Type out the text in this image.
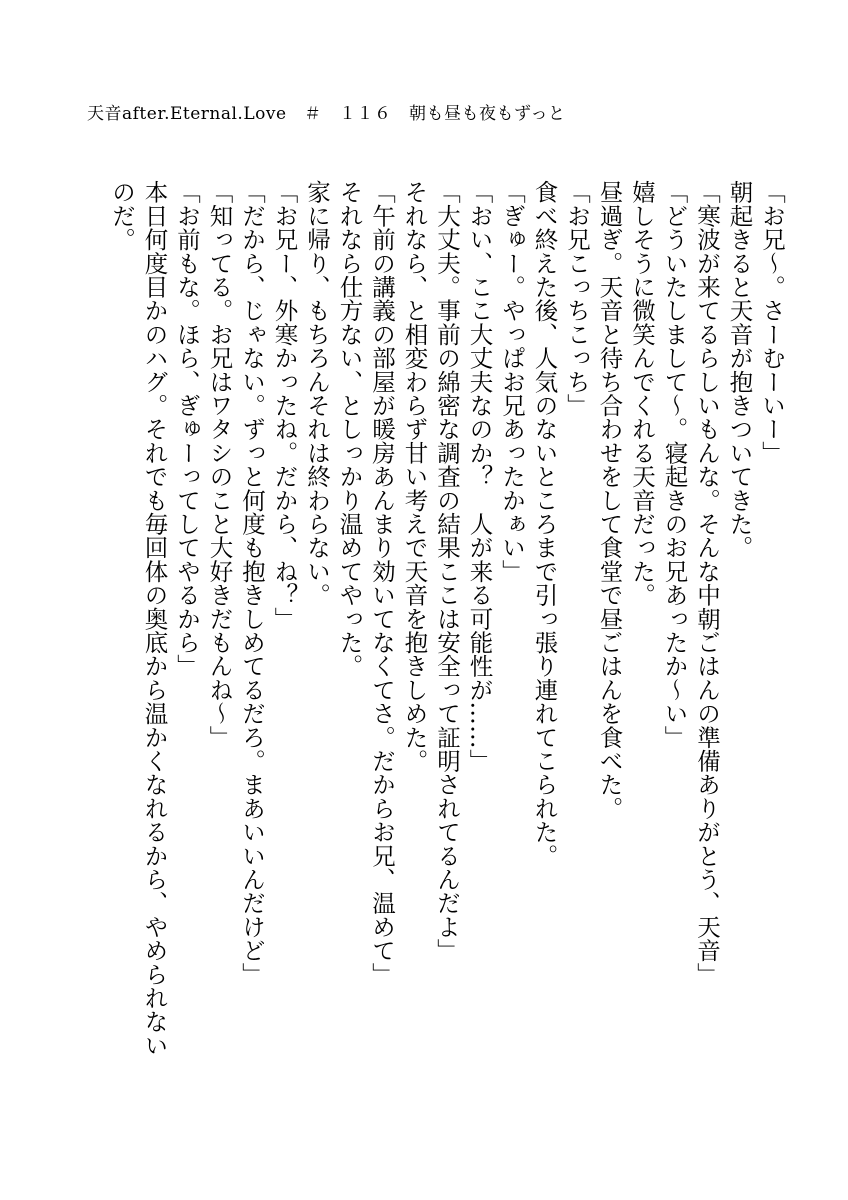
天音after.Eternal.Love　＃　１１６　朝も昼も夜もずっと

「お兄～。さーむーいー」

朝起きると天音が抱きついてきた。

「寒波が来てるらしいもんな。そんな中朝ごはんの準備ありがとう、天音」

「どういたしまして～。寝起きのお兄あったか～い」

嬉しそうに微笑んでくれる天音だった。

昼過ぎ。天音と待ち合わせをして食堂で昼ごはんを食べた。

「お兄こっちこっち」

食べ終えた後、人気のないところまで引っ張り連れてこられた。

「ぎゅー。やっぱお兄あったかぁい」

「おい、ここ大丈夫なのか？　人が来る可能性が……」

「大丈夫。事前の綿密な調査の結果ここは安全って証明されてるんだよ」

それなら、と相変わらず甘い考えで天音を抱きしめた。

「午前の講義の部屋が暖房あんまり効いてなくてさ。だからお兄、温めて」

それなら仕方ない、としっかり温めてやった。

家に帰り、もちろんそれは終わらない。

「お兄ー、外寒かったね。だから、ね？」

「だから、じゃない。ずっと何度も抱きしめてるだろ。まあいいんだけど」

「知ってる。お兄はワタシのこと大好きだもんね～」

「お前もな。ほら、ぎゅーってしてやるから」

本日何度目かのハグ。それでも毎回体の奥底から温かくなれるから、やめられないのだ。
